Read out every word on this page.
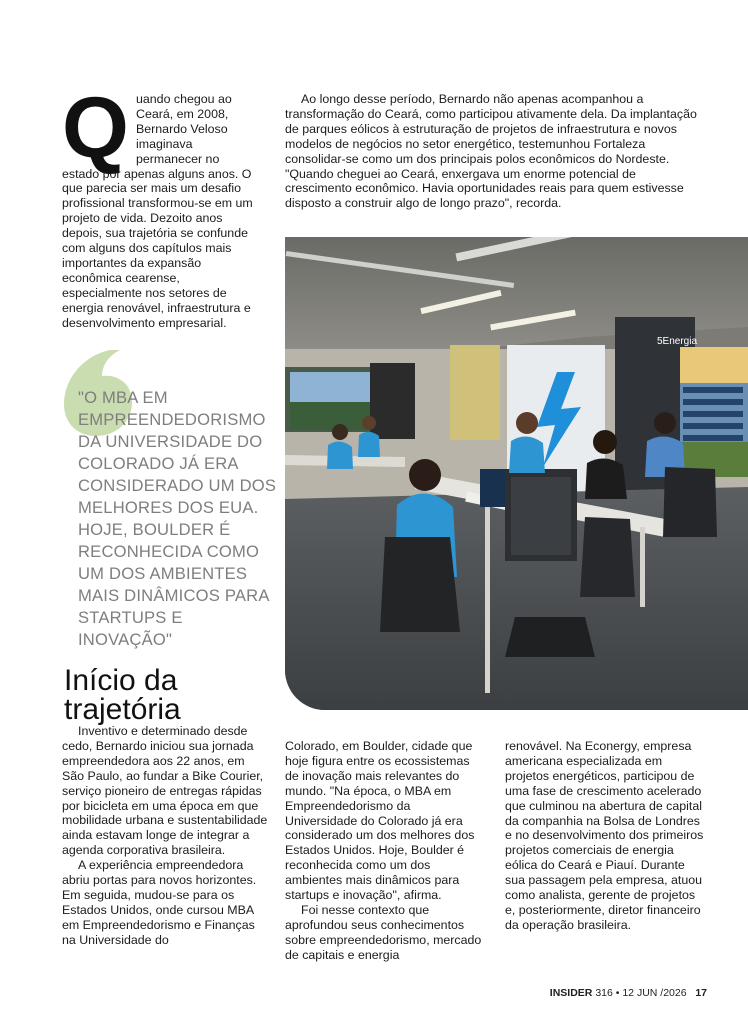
Q uando chegou ao Ceará, em 2008, Bernardo Veloso imaginava permanecer no estado por apenas alguns anos. O que parecia ser mais um desafio profissional transformou-se em um projeto de vida. Dezoito anos depois, sua trajetória se confunde com alguns dos capítulos mais importantes da expansão econômica cearense, especialmente nos setores de energia renovável, infraestrutura e desenvolvimento empresarial.

Ao longo desse período, Bernardo não apenas acompanhou a transformação do Ceará, como participou ativamente dela. Da implantação de parques eólicos à estruturação de projetos de infraestrutura e novos modelos de negócios no setor energético, testemunhou Fortaleza consolidar-se como um dos principais polos econômicos do Nordeste. "Quando cheguei ao Ceará, enxergava um enorme potencial de crescimento econômico. Havia oportunidades reais para quem estivesse disposto a construir algo de longo prazo", recorda.

"O MBA EM EMPREENDEDORISMO DA UNIVERSIDADE DO COLORADO JÁ ERA CONSIDERADO UM DOS MELHORES DOS EUA. HOJE, BOULDER É RECONHECIDA COMO UM DOS AMBIENTES MAIS DINÂMICOS PARA STARTUPS E INOVAÇÃO"

Início da
trajetória
5Energia

Inventivo e determinado desde cedo, Bernardo iniciou sua jornada empreendedora aos 22 anos, em São Paulo, ao fundar a Bike Courier, serviço pioneiro de entregas rápidas por bicicleta em uma época em que mobilidade urbana e sustentabilidade ainda estavam longe de integrar a agenda corporativa brasileira.

A experiência empreendedora abriu portas para novos horizontes. Em seguida, mudou-se para os Estados Unidos, onde cursou MBA em Empreendedorismo e Finanças na Universidade do

Colorado, em Boulder, cidade que hoje figura entre os ecossistemas de inovação mais relevantes do mundo. "Na época, o MBA em Empreendedorismo da Universidade do Colorado já era considerado um dos melhores dos Estados Unidos. Hoje, Boulder é reconhecida como um dos ambientes mais dinâmicos para startups e inovação", afirma.

Foi nesse contexto que aprofundou seus conhecimentos sobre empreendedorismo, mercado de capitais e energia

renovável. Na Econergy, empresa americana especializada em projetos energéticos, participou de uma fase de crescimento acelerado que culminou na abertura de capital da companhia na Bolsa de Londres e no desenvolvimento dos primeiros projetos comerciais de energia eólica do Ceará e Piauí. Durante sua passagem pela empresa, atuou como analista, gerente de projetos e, posteriormente, diretor financeiro da operação brasileira.

INSIDER 316 • 12 JUN /2026 17
